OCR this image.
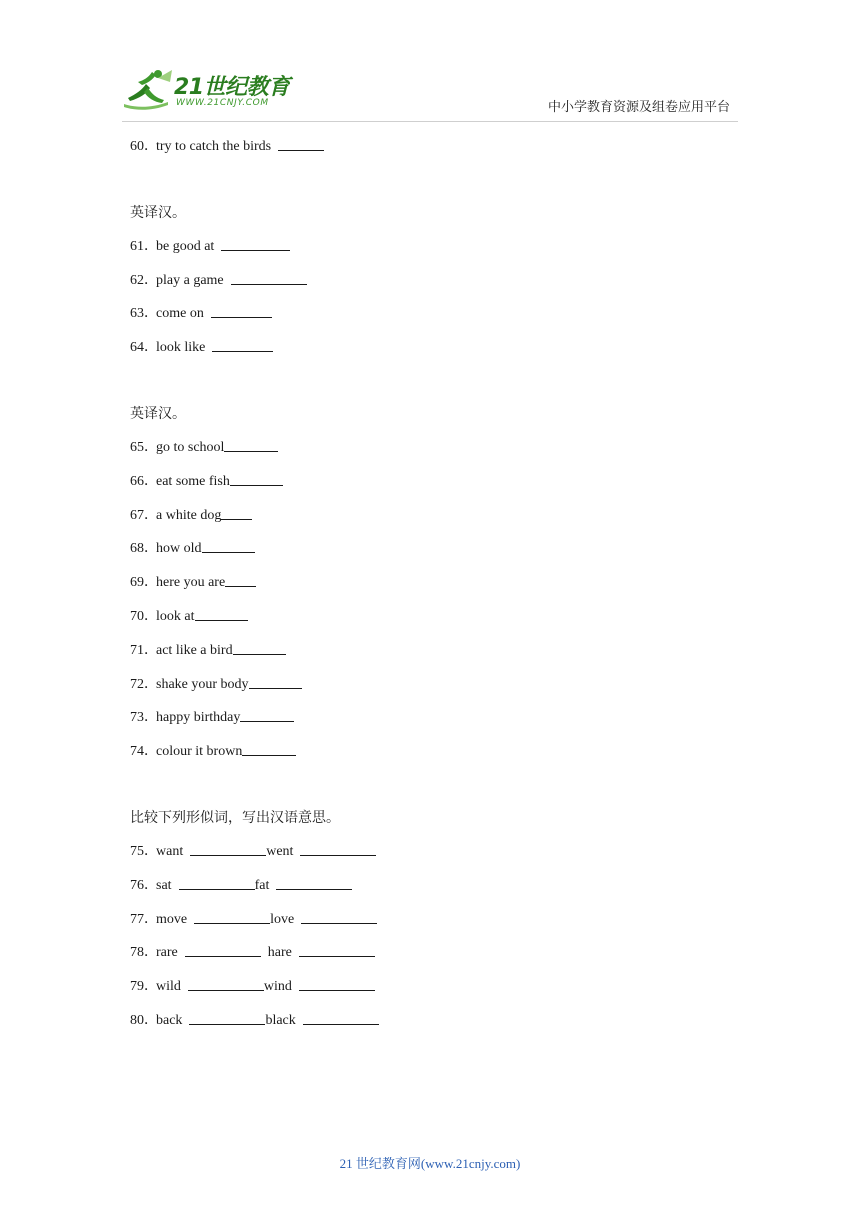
21世纪教育
WWW.21CNJY.COM	中小学教育资源及组卷应用平台
60．try to catch the birds
英译汉。
61．be good at
62．play a game
63．come on
64．look like
英译汉。
65．go to school
66．eat some fish
67．a white dog
68．how old
69．here you are
70．look at
71．act like a bird
72．shake your body
73．happy birthday
74．colour it brown
比较下列形似词，写出汉语意思。
75．want	went
76．sat	fat
77．move	love
78．rare	hare
79．wild	wind
80．back	black
21 世纪教育网(www.21cnjy.com)
